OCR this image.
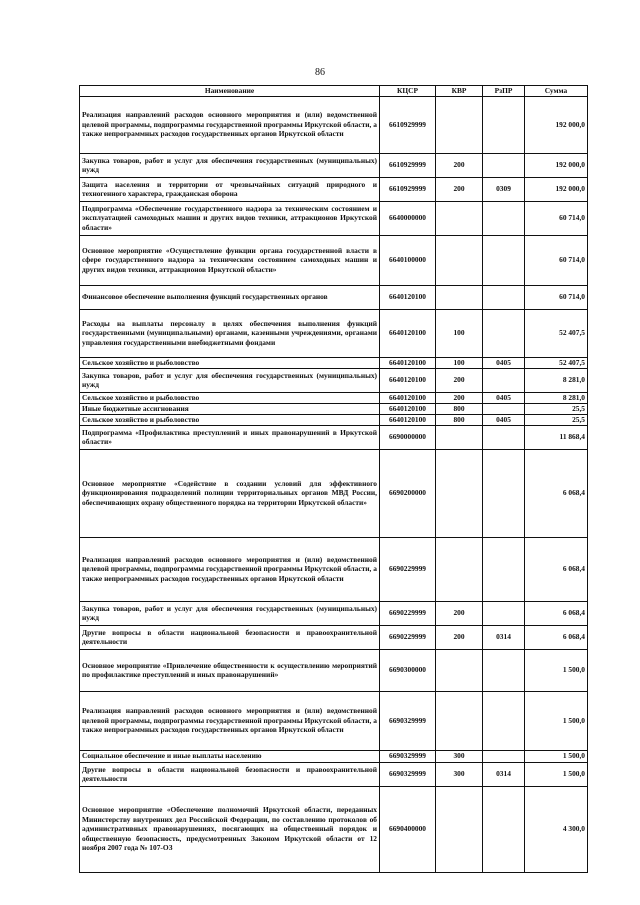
86
Наименование	КЦСР	КВР	РзПР	Сумма
Реализация направлений расходов основного мероприятия и (или) ведомственной целевой программы, подпрограммы государственной программы Иркутской области, а также непрограммных расходов государственных органов Иркутской области	6610929999			192 000,0
Закупка товаров, работ и услуг для обеспечения государственных (муниципальных) нужд	6610929999	200		192 000,0
Защита населения и территории от чрезвычайных ситуаций природного и техногенного характера, гражданская оборона	6610929999	200	0309	192 000,0
Подпрограмма «Обеспечение государственного надзора за техническим состоянием и эксплуатацией самоходных машин и других видов техники, аттракционов Иркутской области»	6640000000			60 714,0
Основное мероприятие «Осуществление функции органа государственной власти в сфере государственного надзора за техническим состоянием самоходных машин и других видов техники, аттракционов Иркутской области»	6640100000			60 714,0
Финансовое обеспечение выполнения функций государственных органов	6640120100			60 714,0
Расходы на выплаты персоналу в целях обеспечения выполнения функций государственными (муниципальными) органами, казенными учреждениями, органами управления государственными внебюджетными фондами	6640120100	100		52 407,5
Сельское хозяйство и рыболовство	6640120100	100	0405	52 407,5
Закупка товаров, работ и услуг для обеспечения государственных (муниципальных) нужд	6640120100	200		8 281,0
Сельское хозяйство и рыболовство	6640120100	200	0405	8 281,0
Иные бюджетные ассигнования	6640120100	800		25,5
Сельское хозяйство и рыболовство	6640120100	800	0405	25,5
Подпрограмма «Профилактика преступлений и иных правонарушений в Иркутской области»	6690000000			11 868,4
Основное мероприятие «Содействие в создании условий для эффективного функционирования подразделений полиции территориальных органов МВД России, обеспечивающих охрану общественного порядка на территории Иркутской области»	6690200000			6 068,4
Реализация направлений расходов основного мероприятия и (или) ведомственной целевой программы, подпрограммы государственной программы Иркутской области, а также непрограммных расходов государственных органов Иркутской области	6690229999			6 068,4
Закупка товаров, работ и услуг для обеспечения государственных (муниципальных) нужд	6690229999	200		6 068,4
Другие вопросы в области национальной безопасности и правоохранительной деятельности	6690229999	200	0314	6 068,4
Основное мероприятие «Привлечение общественности к осуществлению мероприятий по профилактике преступлений и иных правонарушений»	6690300000			1 500,0
Реализация направлений расходов основного мероприятия и (или) ведомственной целевой программы, подпрограммы государственной программы Иркутской области, а также непрограммных расходов государственных органов Иркутской области	6690329999			1 500,0
Социальное обеспечение и иные выплаты населению	6690329999	300		1 500,0
Другие вопросы в области национальной безопасности и правоохранительной деятельности	6690329999	300	0314	1 500,0
Основное мероприятие «Обеспечение полномочий Иркутской области, переданных Министерству внутренних дел Российской Федерации, по составлению протоколов об административных правонарушениях, посягающих на общественный порядок и общественную безопасность, предусмотренных Законом Иркутской области от 12 ноября 2007 года № 107-ОЗ	6690400000			4 300,0
